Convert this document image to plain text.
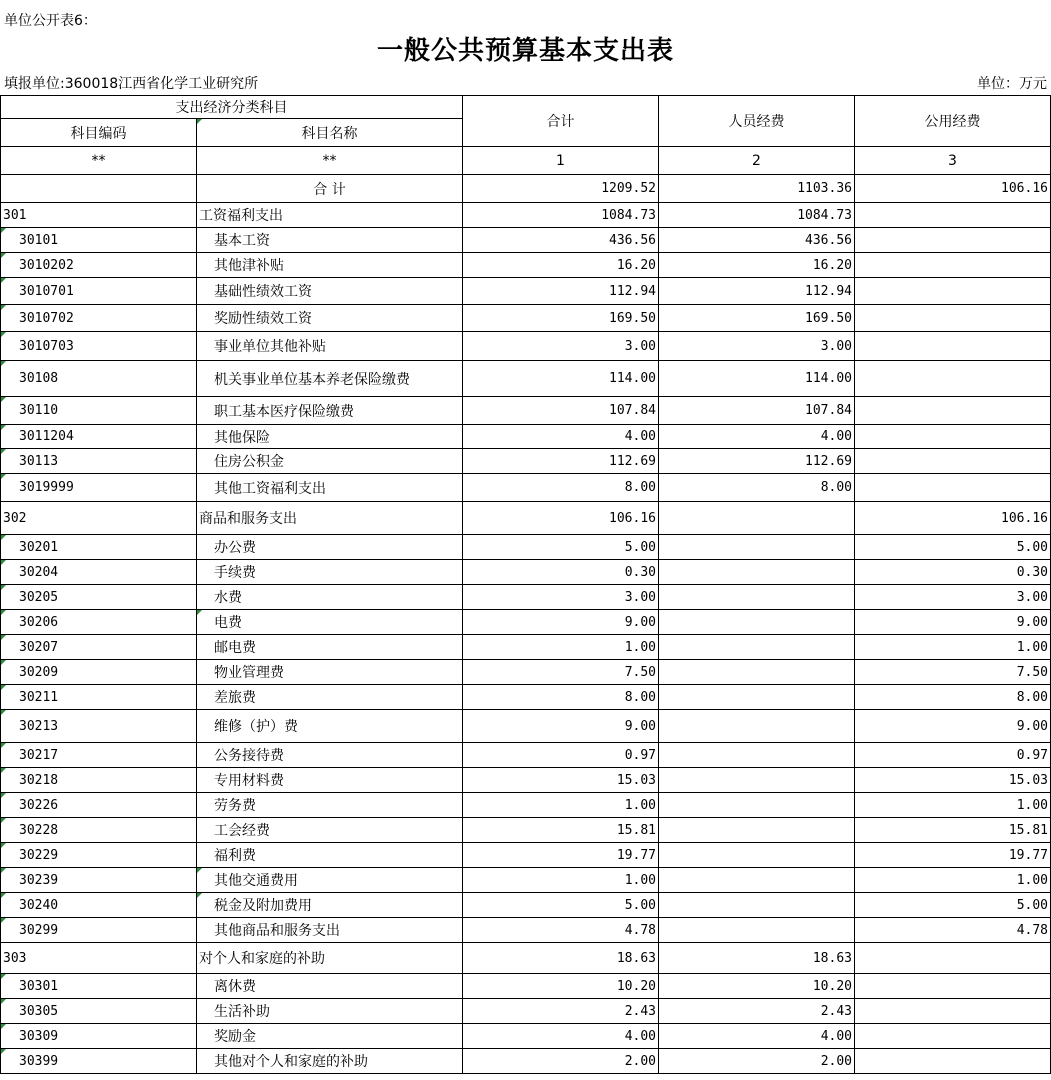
单位公开表6：
一般公共预算基本支出表
填报单位:360018江西省化学工业研究所	单位：万元
支出经济分类科目		合计	人员经费	公用经费
科目编码	科目名称			
**	**	1	2	3
	合 计	1209.52	1103.36	106.16
301	工资福利支出	1084.73	1084.73	
30101	基本工资	436.56	436.56	
3010202	其他津补贴	16.20	16.20	
3010701	基础性绩效工资	112.94	112.94	
3010702	奖励性绩效工资	169.50	169.50	
3010703	事业单位其他补贴	3.00	3.00	
30108	机关事业单位基本养老保险缴费	114.00	114.00	
30110	职工基本医疗保险缴费	107.84	107.84	
3011204	其他保险	4.00	4.00	
30113	住房公积金	112.69	112.69	
3019999	其他工资福利支出	8.00	8.00	
302	商品和服务支出	106.16		106.16
30201	办公费	5.00		5.00
30204	手续费	0.30		0.30
30205	水费	3.00		3.00
30206	电费	9.00		9.00
30207	邮电费	1.00		1.00
30209	物业管理费	7.50		7.50
30211	差旅费	8.00		8.00
30213	维修（护）费	9.00		9.00
30217	公务接待费	0.97		0.97
30218	专用材料费	15.03		15.03
30226	劳务费	1.00		1.00
30228	工会经费	15.81		15.81
30229	福利费	19.77		19.77
30239	其他交通费用	1.00		1.00
30240	税金及附加费用	5.00		5.00
30299	其他商品和服务支出	4.78		4.78
303	对个人和家庭的补助	18.63	18.63	
30301	离休费	10.20	10.20	
30305	生活补助	2.43	2.43	
30309	奖励金	4.00	4.00	
30399	其他对个人和家庭的补助	2.00	2.00	
